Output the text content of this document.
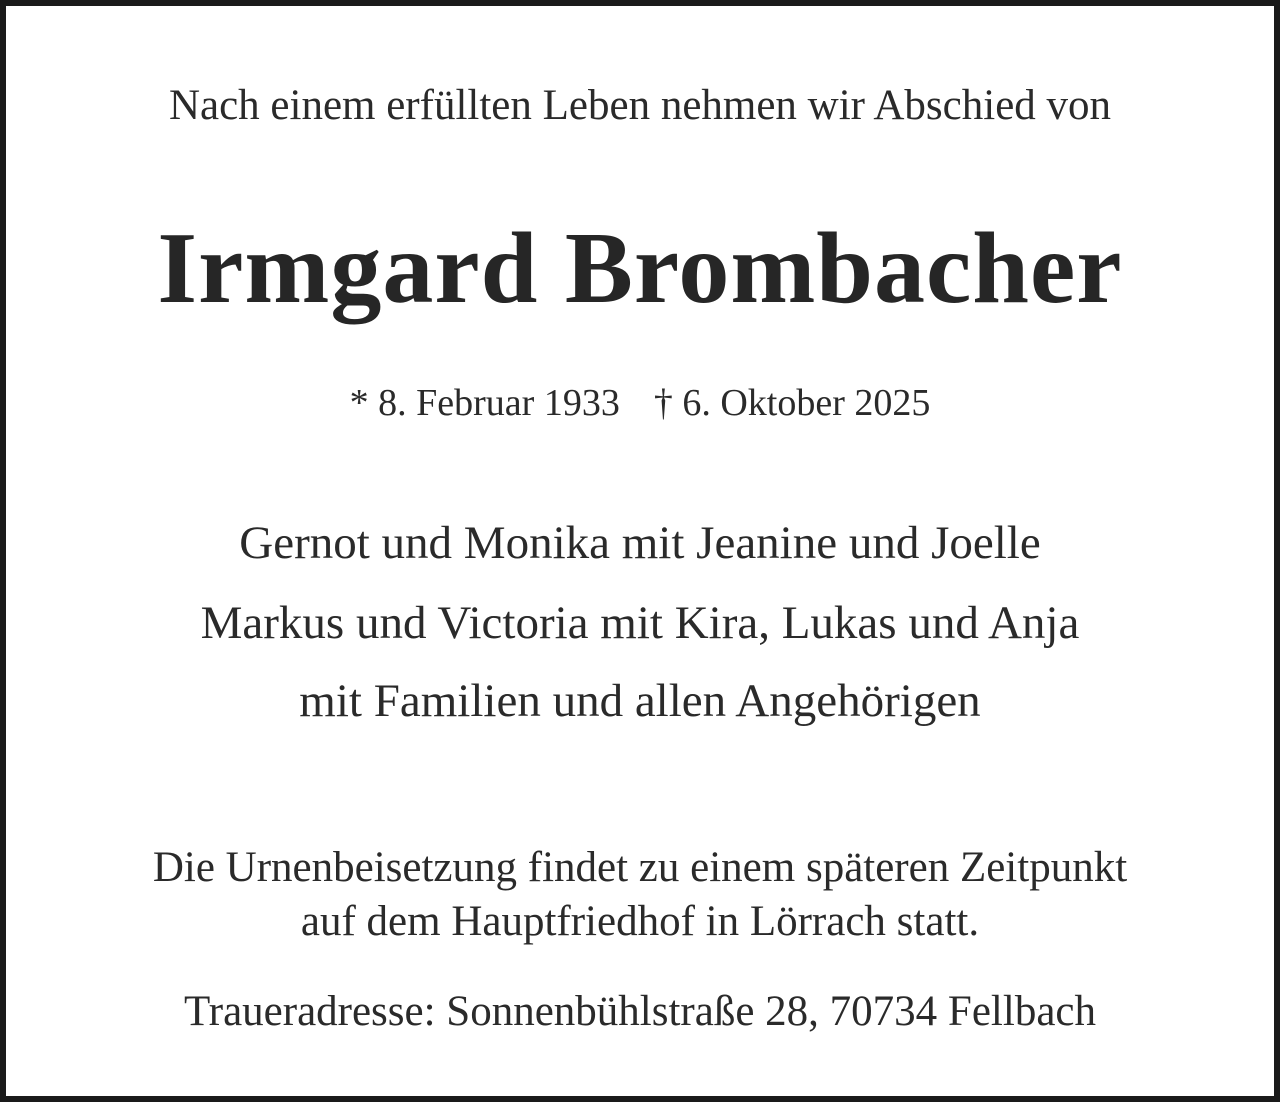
Nach einem erfüllten Leben nehmen wir Abschied von
Irmgard Brombacher
* 8. Februar 1933 † 6. Oktober 2025
Gernot und Monika mit Jeanine und Joelle
Markus und Victoria mit Kira, Lukas und Anja
mit Familien und allen Angehörigen
Die Urnenbeisetzung findet zu einem späteren Zeitpunkt
auf dem Hauptfriedhof in Lörrach statt.
Traueradresse: Sonnenbühlstraße 28, 70734 Fellbach
